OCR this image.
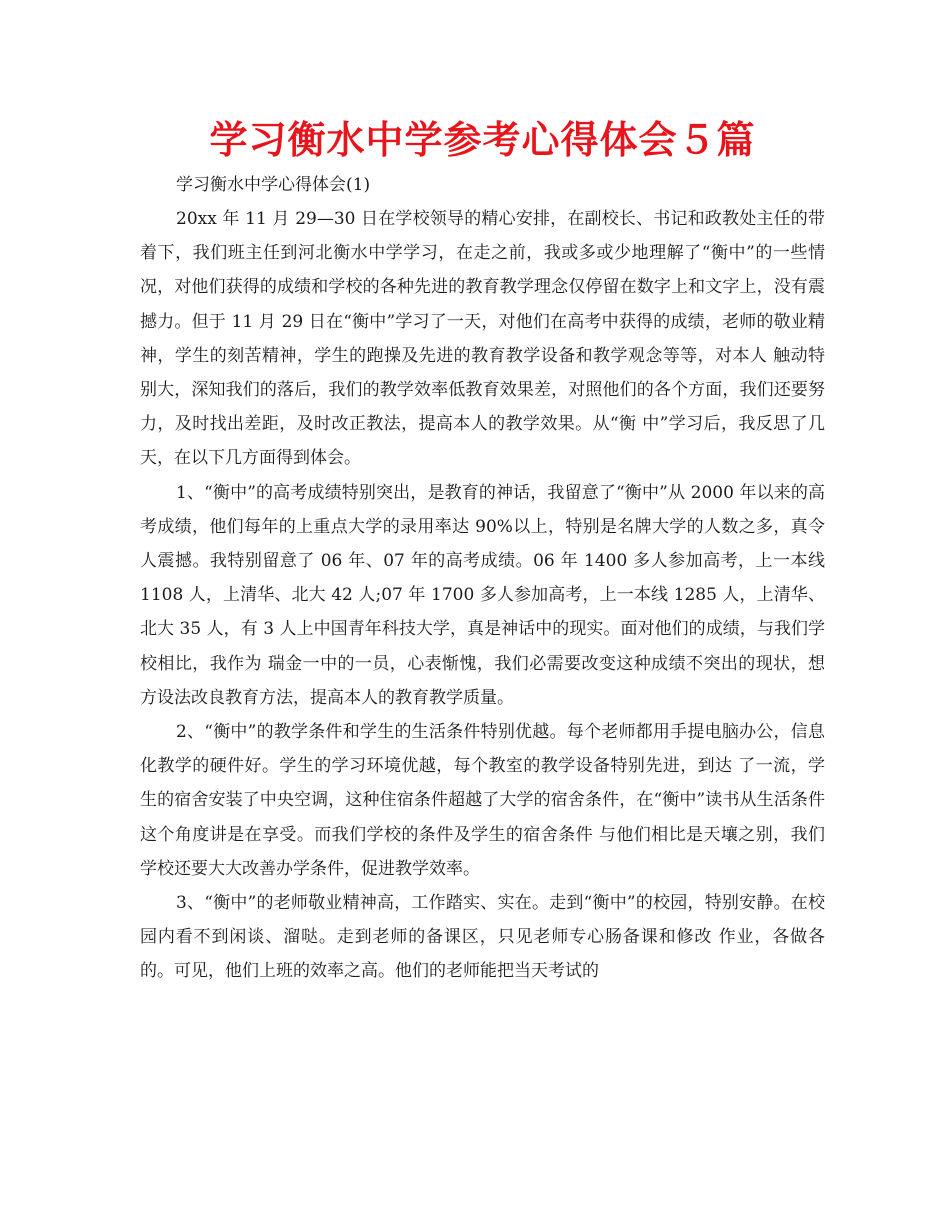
学习衡水中学参考心得体会５篇

学习衡水中学心得体会(1)

20xx 年 11 月 29—30 日在学校领导的精心安排，在副校长、书记和政教处主任的带着下，我们班主任到河北衡水中学学习，在走之前，我或多或少地理解了“衡中”的一些情况，对他们获得的成绩和学校的各种先进的教育教学理念仅停留在数字上和文字上，没有震撼力。但于 11 月 29 日在“衡中”学习了一天，对他们在高考中获得的成绩，老师的敬业精神，学生的刻苦精神，学生的跑操及先进的教育教学设备和教学观念等等，对本人 触动特别大，深知我们的落后，我们的教学效率低教育效果差，对照他们的各个方面，我们还要努力，及时找出差距，及时改正教法，提高本人的教学效果。从“衡 中”学习后，我反思了几天，在以下几方面得到体会。

1、“衡中”的高考成绩特别突出，是教育的神话，我留意了“衡中”从 2000 年以来的高考成绩，他们每年的上重点大学的录用率达 90%以上，特别是名牌大学的人数之多，真令人震撼。我特别留意了 06 年、07 年的高考成绩。06 年 1400 多人参加高考，上一本线 1108 人，上清华、北大 42 人;07 年 1700 多人参加高考，上一本线 1285 人，上清华、北大 35 人，有 3 人上中国青年科技大学，真是神话中的现实。面对他们的成绩，与我们学校相比，我作为 瑞金一中的一员，心表惭愧，我们必需要改变这种成绩不突出的现状，想方设法改良教育方法，提高本人的教育教学质量。

2、“衡中”的教学条件和学生的生活条件特别优越。每个老师都用手提电脑办公，信息化教学的硬件好。学生的学习环境优越，每个教室的教学设备特别先进，到达 了一流，学生的宿舍安装了中央空调，这种住宿条件超越了大学的宿舍条件，在“衡中”读书从生活条件这个角度讲是在享受。而我们学校的条件及学生的宿舍条件 与他们相比是天壤之别，我们学校还要大大改善办学条件，促进教学效率。

3、“衡中”的老师敬业精神高，工作踏实、实在。走到“衡中”的校园，特别安静。在校园内看不到闲谈、溜哒。走到老师的备课区，只见老师专心肠备课和修改 作业，各做各的。可见，他们上班的效率之高。他们的老师能把当天考试的
